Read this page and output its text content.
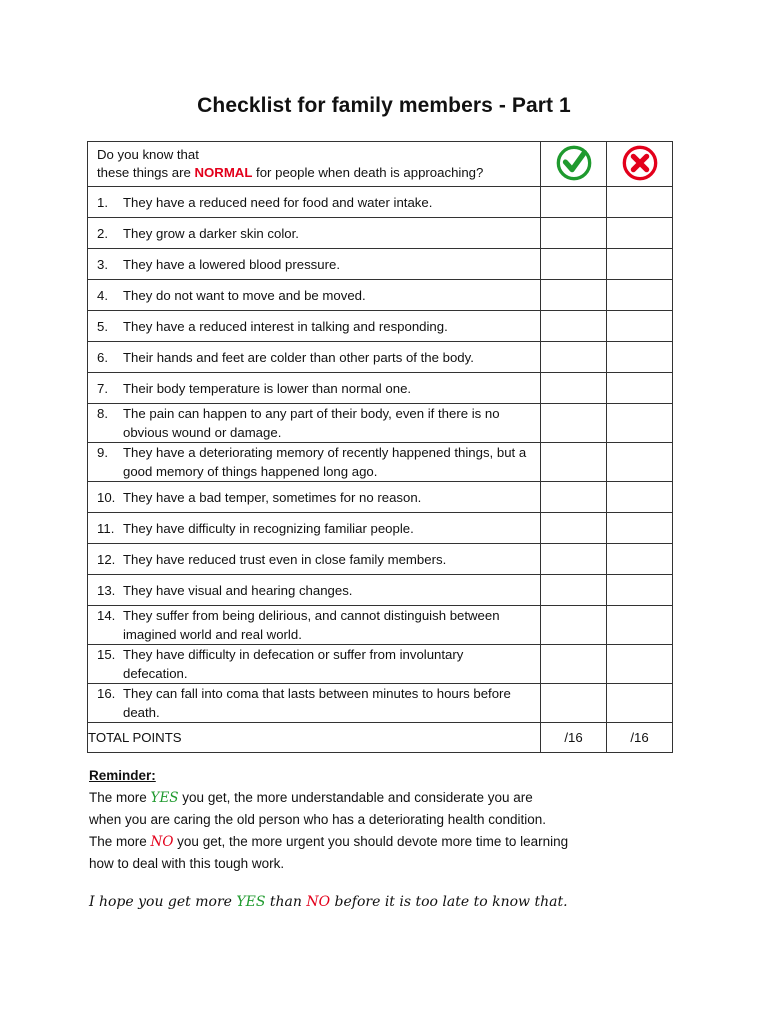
Checklist for family members - Part 1
Do you know that
these things are NORMAL for people when death is approaching?

1. They have a reduced need for food and water intake.		

2. They grow a darker skin color.		

3. They have a lowered blood pressure.		

4. They do not want to move and be moved.		

5. They have a reduced interest in talking and responding.		

6. Their hands and feet are colder than other parts of the body.		

7. Their body temperature is lower than normal one.		

8. The pain can happen to any part of their body, even if there is no obvious wound or damage.		

9. They have a deteriorating memory of recently happened things, but a good memory of things happened long ago.		

10. They have a bad temper, sometimes for no reason.		

11. They have difficulty in recognizing familiar people.		

12. They have reduced trust even in close family members.		

13. They have visual and hearing changes.		

14. They suffer from being delirious, and cannot distinguish between imagined world and real world.		

15. They have difficulty in defecation or suffer from involuntary defecation.		

16. They can fall into coma that lasts between minutes to hours before death.		

TOTAL POINTS	/16	/16
Reminder:
The more YES you get, the more understandable and considerate you are
when you are caring the old person who has a deteriorating health condition.
The more NO you get, the more urgent you should devote more time to learning
how to deal with this tough work.
I hope you get more YES than NO before it is too late to know that.
